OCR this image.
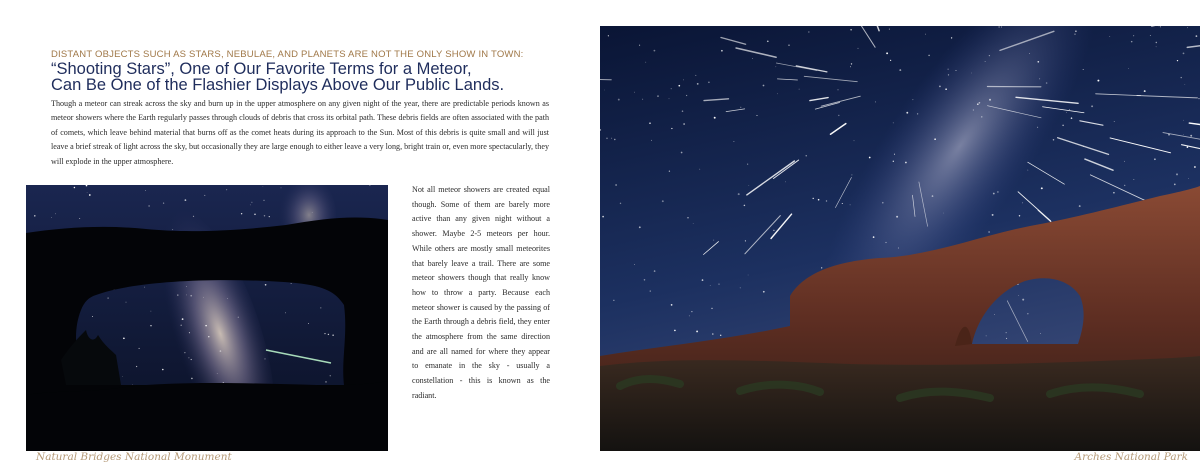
DISTANT OBJECTS SUCH AS STARS, NEBULAE, AND PLANETS ARE NOT THE ONLY SHOW IN TOWN:
“Shooting Stars”, One of Our Favorite Terms for a Meteor,
Can Be One of the Flashier Displays Above Our Public Lands.
Though a meteor can streak across the sky and burn up in the upper atmosphere on any given night of the year, there are predictable periods known as meteor showers where the Earth regularly passes through clouds of debris that cross its orbital path. These debris fields are often associated with the path of comets, which leave behind material that burns off as the comet heats during its approach to the Sun. Most of this debris is quite small and will just leave a brief streak of light across the sky, but occasionally they are large enough to either leave a very long, bright train or, even more spectacularly, they will explode in the upper atmosphere.
Not all meteor showers are created equal though. Some of them are barely more active than any given night without a shower. Maybe 2-5 meteors per hour. While others are mostly small meteorites that barely leave a trail. There are some meteor showers though that really know how to throw a party. Because each meteor shower is caused by the passing of the Earth through a debris field, they enter the atmosphere from the same direction and are all named for where they appear to emanate in the sky - usually a constellation - this is known as the radiant.
Natural Bridges National Monument	Arches National Park
